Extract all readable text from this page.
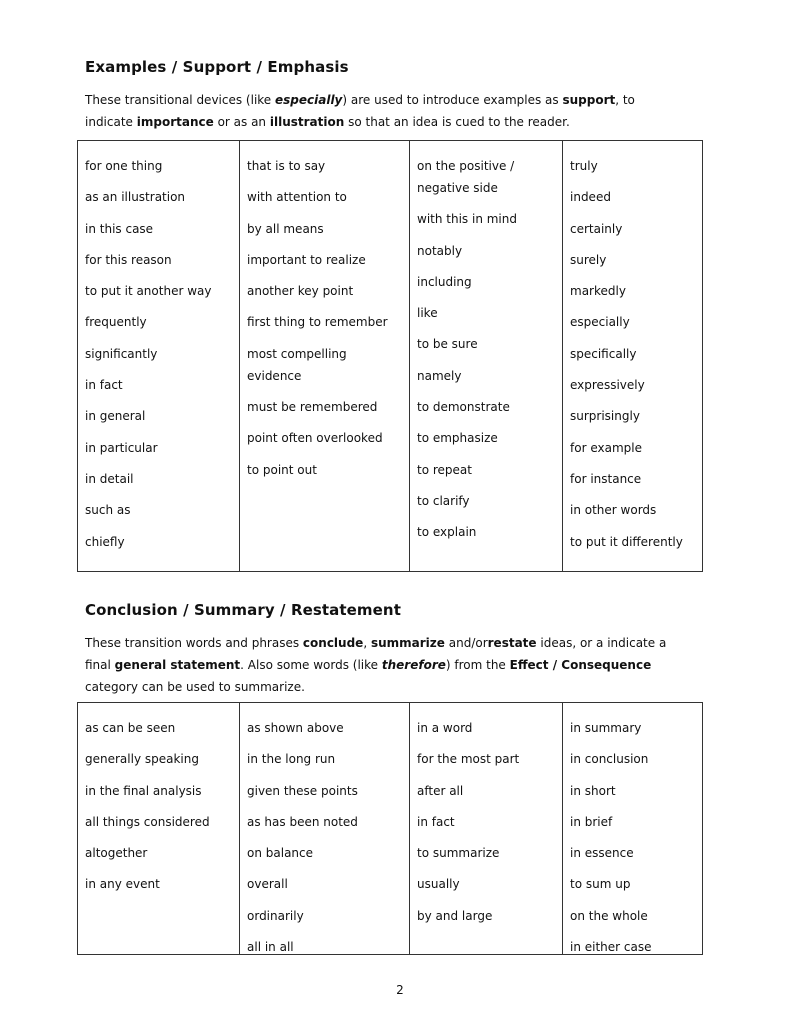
Examples / Support / Emphasis

These transitional devices (like especially) are used to introduce examples as support, to indicate importance or as an illustration so that an idea is cued to the reader.

for one thing
as an illustration
in this case
for this reason
to put it another way
frequently
significantly
in fact
in general
in particular
in detail
such as
chiefly
that is to say
with attention to
by all means
important to realize
another key point
first thing to remember
most compelling evidence
must be remembered
point often overlooked
to point out
on the positive / negative side
with this in mind
notably
including
like
to be sure
namely
to demonstrate
to emphasize
to repeat
to clarify
to explain
truly
indeed
certainly
surely
markedly
especially
specifically
expressively
surprisingly
for example
for instance
in other words
to put it differently
Conclusion / Summary / Restatement

These transition words and phrases conclude, summarize and/orrestate ideas, or a indicate a final general statement. Also some words (like therefore) from the Effect / Consequence category can be used to summarize.

as can be seen
generally speaking
in the final analysis
all things considered
altogether
in any event
as shown above
in the long run
given these points
as has been noted
on balance
overall
ordinarily
all in all
in a word
for the most part
after all
in fact
to summarize
usually
by and large
in summary
in conclusion
in short
in brief
in essence
to sum up
on the whole
in either case
2
